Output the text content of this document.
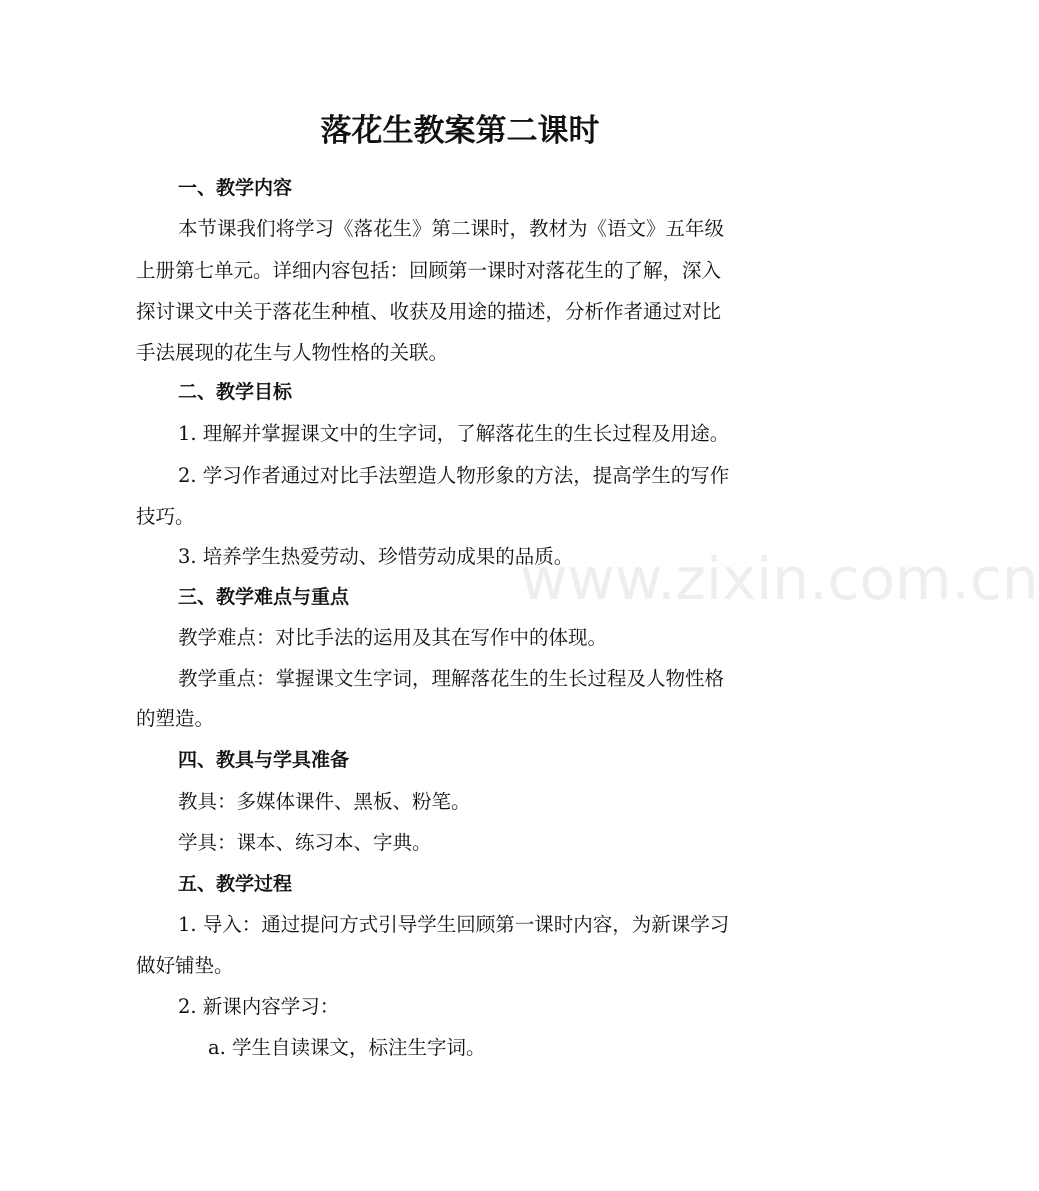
www.zixin.com.cn
落花生教案第二课时
一、教学内容
本节课我们将学习《落花生》第二课时，教材为《语文》五年级
上册第七单元。详细内容包括：回顾第一课时对落花生的了解，深入
探讨课文中关于落花生种植、收获及用途的描述，分析作者通过对比
手法展现的花生与人物性格的关联。
二、教学目标
1. 理解并掌握课文中的生字词，了解落花生的生长过程及用途。
2. 学习作者通过对比手法塑造人物形象的方法，提高学生的写作
技巧。
3. 培养学生热爱劳动、珍惜劳动成果的品质。
三、教学难点与重点
教学难点：对比手法的运用及其在写作中的体现。
教学重点：掌握课文生字词，理解落花生的生长过程及人物性格
的塑造。
四、教具与学具准备
教具：多媒体课件、黑板、粉笔。
学具：课本、练习本、字典。
五、教学过程
1. 导入：通过提问方式引导学生回顾第一课时内容，为新课学习
做好铺垫。
2. 新课内容学习：
a. 学生自读课文，标注生字词。
